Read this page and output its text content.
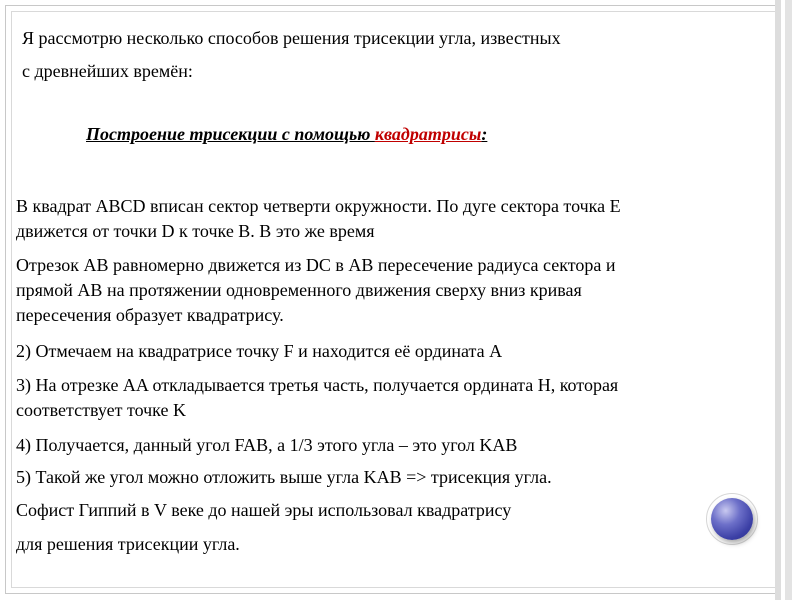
Я рассмотрю несколько способов решения трисекции угла, известных
с древнейших времён:
Построение трисекции с помощью квадратрисы:
В квадрат ABCD вписан сектор четверти окружности. По дуге сектора точка E
движется от точки D к точке B. В это же время
Отрезок AB равномерно движется из DC в AB пересечение радиуса сектора и
прямой AB на протяжении одновременного движения сверху вниз кривая
пересечения образует квадратрису.
2) Отмечаем на квадратрисе точку F и находится её ордината A
3) На отрезке AA откладывается третья часть, получается ордината H, которая
соответствует точке K
4) Получается, данный угол FAB, а 1/3 этого угла – это угол KAB
5) Такой же угол можно отложить выше угла KAB => трисекция угла.
Софист Гиппий в V веке до нашей эры использовал квадратрису
для решения трисекции угла.
